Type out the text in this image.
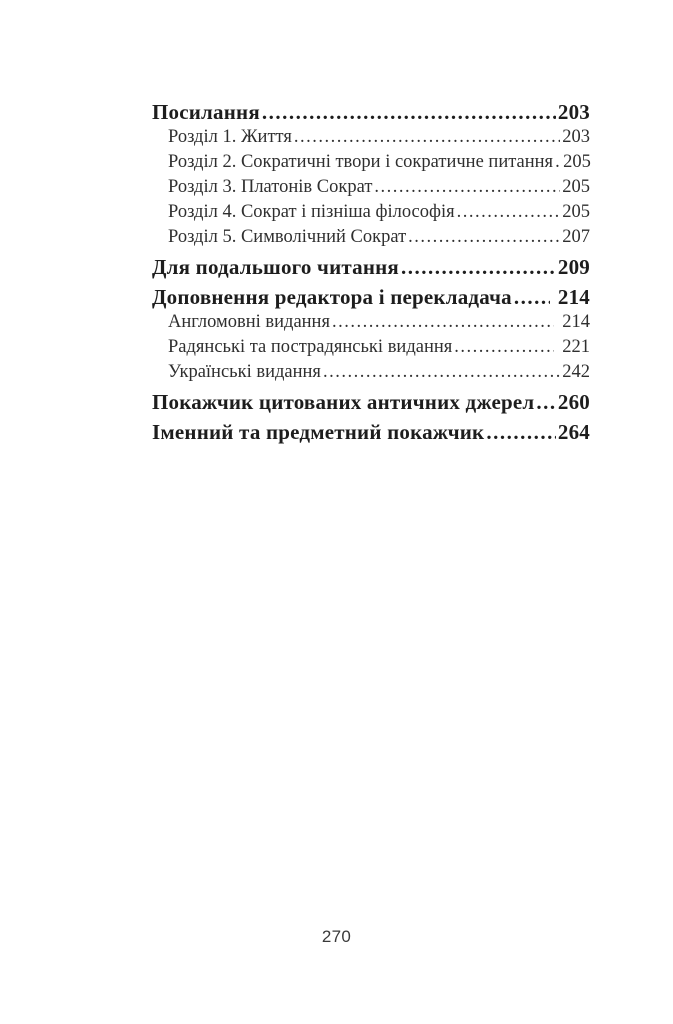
Посилання .....	203
Розділ 1. Життя .....	203
Розділ 2. Сократичні твори і сократичне питання ..... 205
Розділ 3. Платонів Сократ .....	205
Розділ 4. Сократ і пізніша філософія .....	205
Розділ 5. Символічний Сократ .....	207
Для подальшого читання .....	209
Доповнення редактора і перекладача ..... 214
Англомовні видання .....	214
Радянські та пострадянські видання .....	221
Українські видання .....	242
Покажчик цитованих античних джерел ..... 260
Іменний та предметний покажчик .....	264
270
